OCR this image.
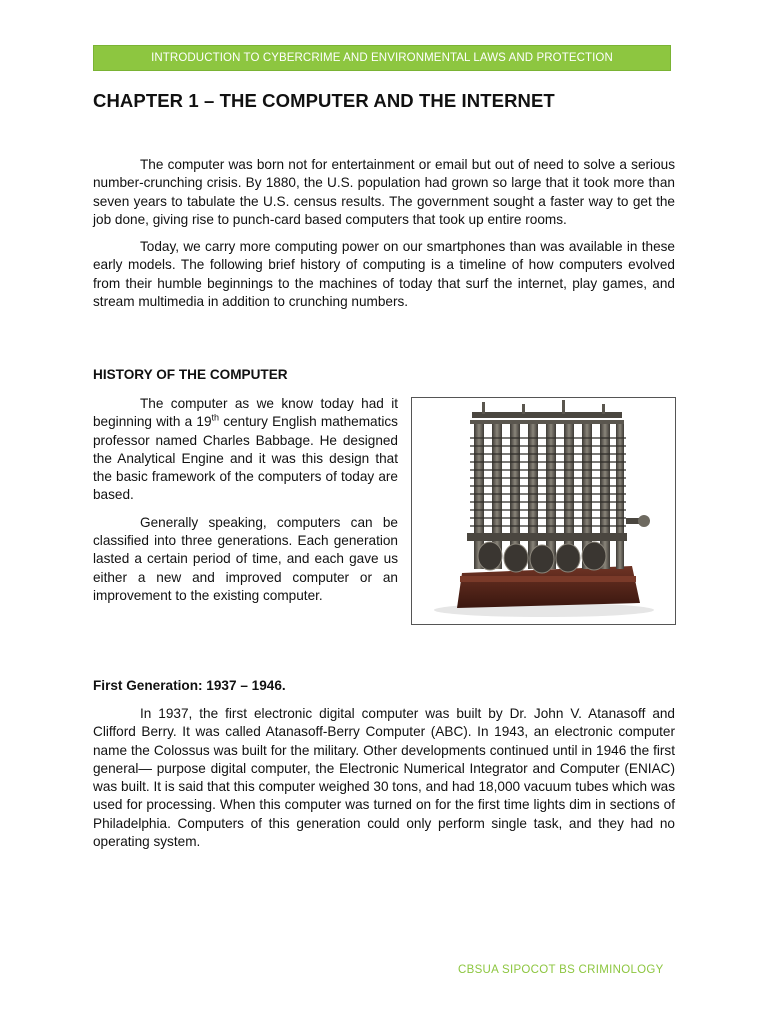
INTRODUCTION TO CYBERCRIME AND ENVIRONMENTAL LAWS AND PROTECTION
CHAPTER 1 – THE COMPUTER AND THE INTERNET

The computer was born not for entertainment or email but out of need to solve a serious number-crunching crisis. By 1880, the U.S. population had grown so large that it took more than seven years to tabulate the U.S. census results. The government sought a faster way to get the job done, giving rise to punch-card based computers that took up entire rooms.

Today, we carry more computing power on our smartphones than was available in these early models. The following brief history of computing is a timeline of how computers evolved from their humble beginnings to the machines of today that surf the internet, play games, and stream multimedia in addition to crunching numbers.

HISTORY OF THE COMPUTER

The computer as we know today had it beginning with a 19th century English mathematics professor named Charles Babbage. He designed the Analytical Engine and it was this design that the basic framework of the computers of today are based.

Generally speaking, computers can be classified into three generations. Each generation lasted a certain period of time, and each gave us either a new and improved computer or an improvement to the existing computer.

First Generation: 1937 – 1946.

In 1937, the first electronic digital computer was built by Dr. John V. Atanasoff and Clifford Berry. It was called Atanasoff-Berry Computer (ABC). In 1943, an electronic computer name the Colossus was built for the military. Other developments continued until in 1946 the first general— purpose digital computer, the Electronic Numerical Integrator and Computer (ENIAC) was built. It is said that this computer weighed 30 tons, and had 18,000 vacuum tubes which was used for processing. When this computer was turned on for the first time lights dim in sections of Philadelphia. Computers of this generation could only perform single task, and they had no operating system.

CBSUA SIPOCOT BS CRIMINOLOGY
